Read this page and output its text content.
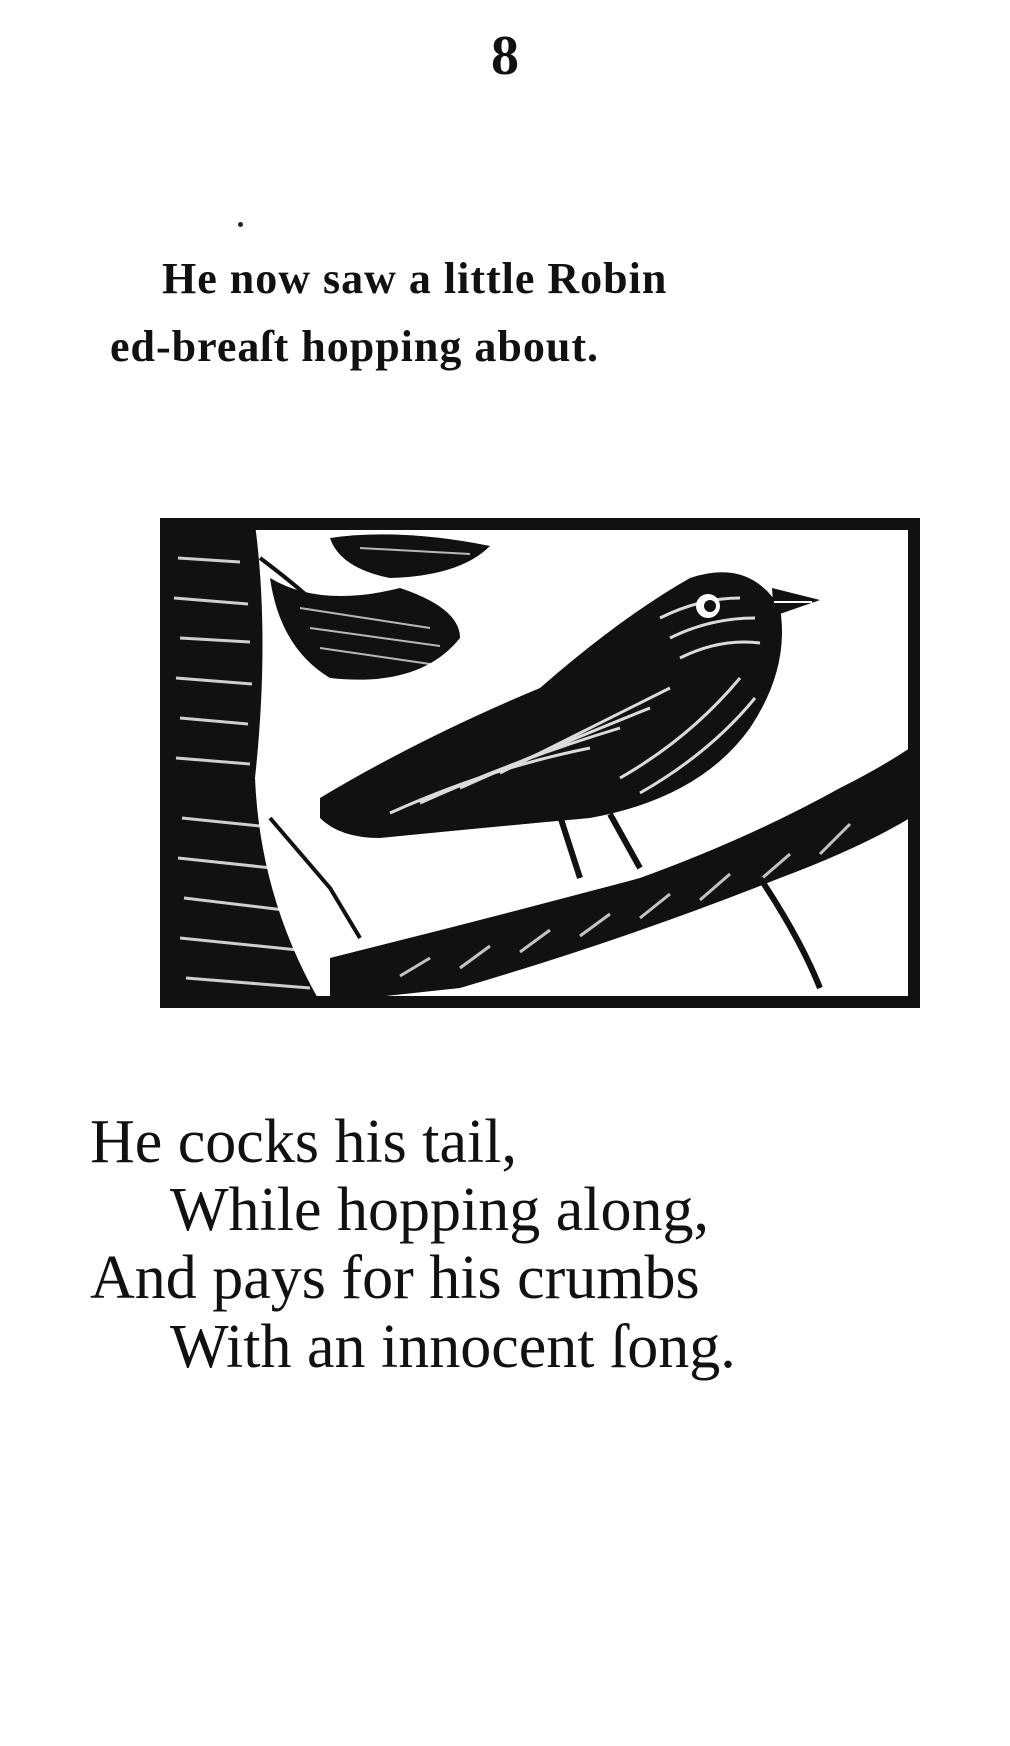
8
He now saw a little Robin
ed-breaſt hopping about.
He cocks his tail,
While hopping along,
And pays for his crumbs
With an innocent ſong.
